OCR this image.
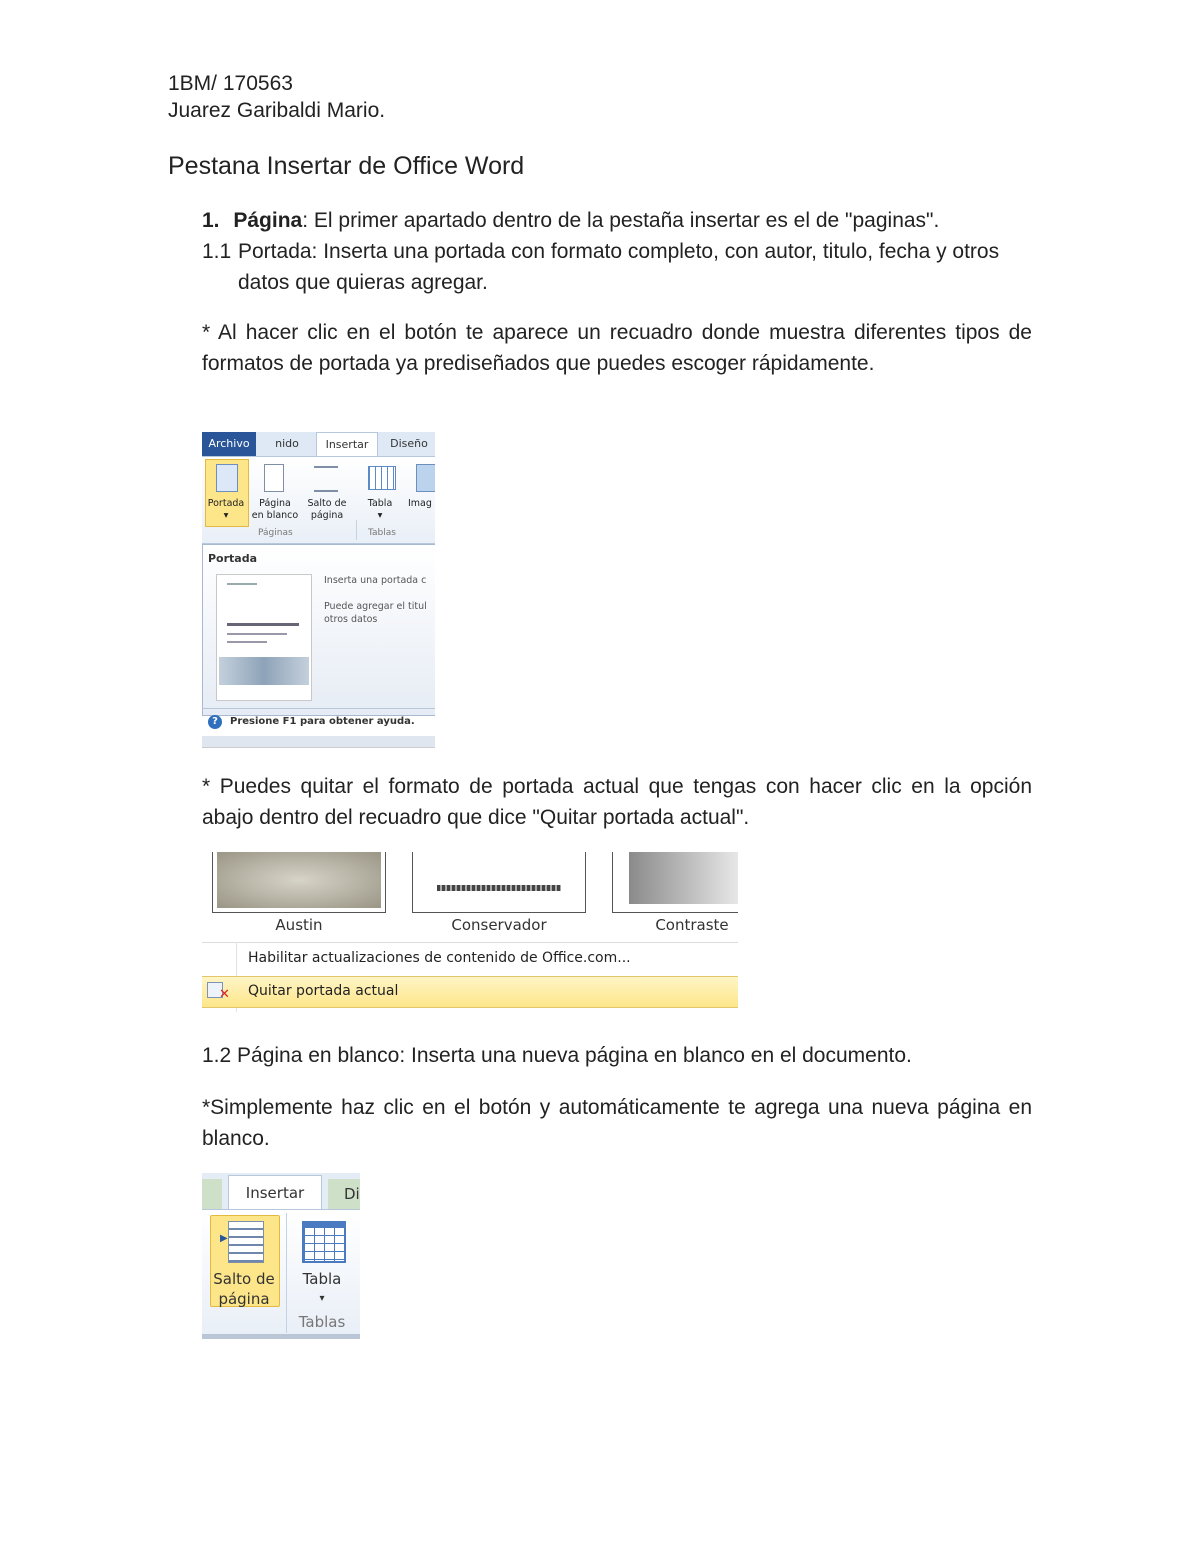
1BM/ 170563
Juarez Garibaldi Mario.
Pestana Insertar de Office Word
1. Página: El primer apartado dentro de la pestaña insertar es el de "paginas".
1.1 Portada: Inserta una portada con formato completo, con autor, titulo, fecha y otros datos que quieras agregar.
* Al hacer clic en el botón te aparece un recuadro donde muestra diferentes tipos de formatos de portada ya prediseñados que puedes escoger rápidamente.
Archivo	nido	Insertar	Diseño
Portada
▾
Página
en blanco
Salto de
página
Tabla
▾
Imag
Páginas	Tablas
Portada
Inserta una portada c
Puede agregar el titul
otros datos
?	Presione F1 para obtener ayuda.
* Puedes quitar el formato de portada actual que tengas con hacer clic en la opción abajo dentro del recuadro que dice "Quitar portada actual".
Austin	Conservador	Contraste
Habilitar actualizaciones de contenido de Office.com...
✕ Quitar portada actual
1.2 Página en blanco: Inserta una nueva página en blanco en el documento.
*Simplemente haz clic en el botón y automáticamente te agrega una nueva página en blanco.
Insertar	Di
▶
Salto de
página
Tabla
▾
Tablas
